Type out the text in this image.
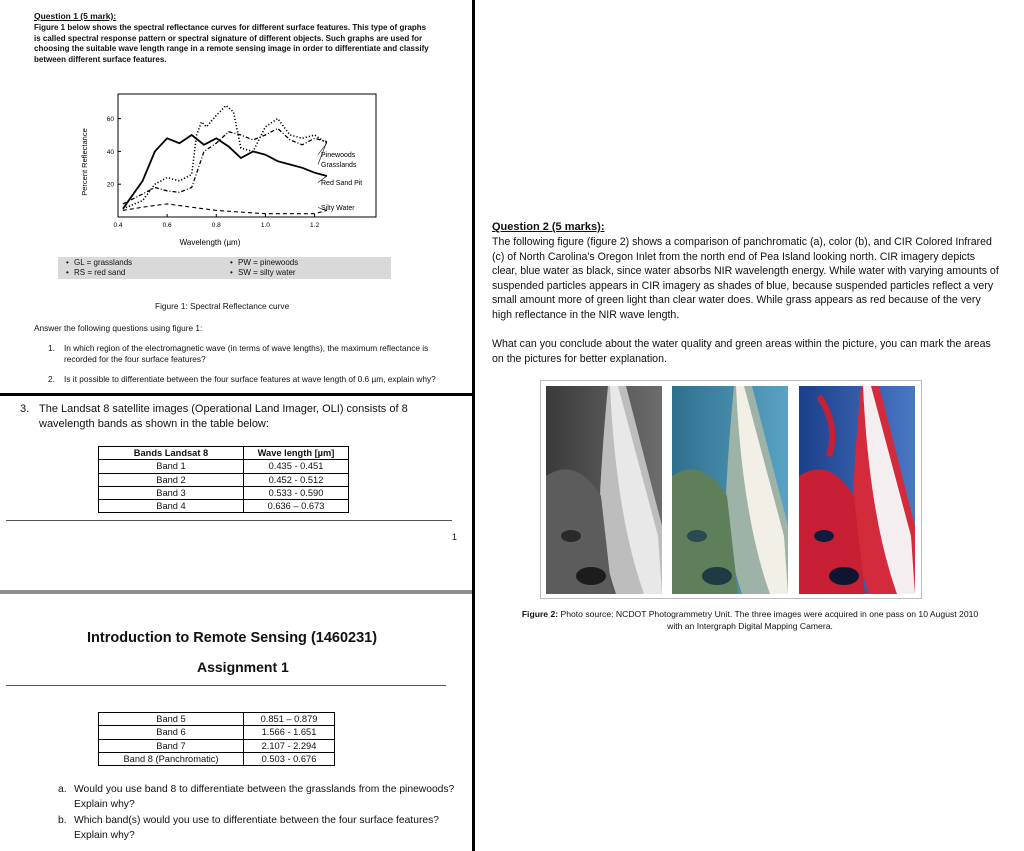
Question 1 (5 mark):
Figure 1 below shows the spectral reflectance curves for different surface features. This type of graphs is called spectral response pattern or spectral signature of different objects. Such graphs are used for choosing the suitable wave length range in a remote sensing image in order to differentiate and classify between different surface features.
0.4	0.6	0.8	1.0	1.2
20
40
60
Pinewoods
Grasslands
Red Sand Pit
Silty Water
Wavelength (µm)
Percent Reflectance
• GL = grasslands
• RS = red sand
• PW = pinewoods
• SW = silty water
Figure 1: Spectral Reflectance curve
Answer the following questions using figure 1:
1. In which region of the electromagnetic wave (in terms of wave lengths), the maximum reflectance is recorded for the four surface features?
2. Is it possible to differentiate between the four surface features at wave length of 0.6 µm, explain why?
3. The Landsat 8 satellite images (Operational Land Imager, OLI) consists of 8 wavelength bands as shown in the table below:
Bands Landsat 8	Wave length [µm]
Band 1	0.435 - 0.451
Band 2	0.452 - 0.512
Band 3	0.533 - 0.590
Band 4	0.636 – 0.673
1
Introduction to Remote Sensing (1460231)
Assignment 1
Band 5	0.851 – 0.879
Band 6	1.566 - 1.651
Band 7	2.107 - 2.294
Band 8 (Panchromatic)	0.503 - 0.676
a. Would you use band 8 to differentiate between the grasslands from the pinewoods? Explain why?
b. Which band(s) would you use to differentiate between the four surface features? Explain why?
Question 2 (5 marks):
The following figure (figure 2) shows a comparison of panchromatic (a), color (b), and CIR Colored Infrared (c) of North Carolina's Oregon Inlet from the north end of Pea Island looking north. CIR imagery depicts clear, blue water as black, since water absorbs NIR wavelength energy. While water with varying amounts of suspended particles appears in CIR imagery as shades of blue, because suspended particles reflect a very small amount more of green light than clear water does. While grass appears as red because of the very high reflectance in the NIR wave length.
What can you conclude about the water quality and green areas within the picture, you can mark the areas on the pictures for better explanation.
Figure 2: Photo source: NCDOT Photogrammetry Unit. The three images were acquired in one pass on 10 August 2010 with an Intergraph Digital Mapping Camera.
